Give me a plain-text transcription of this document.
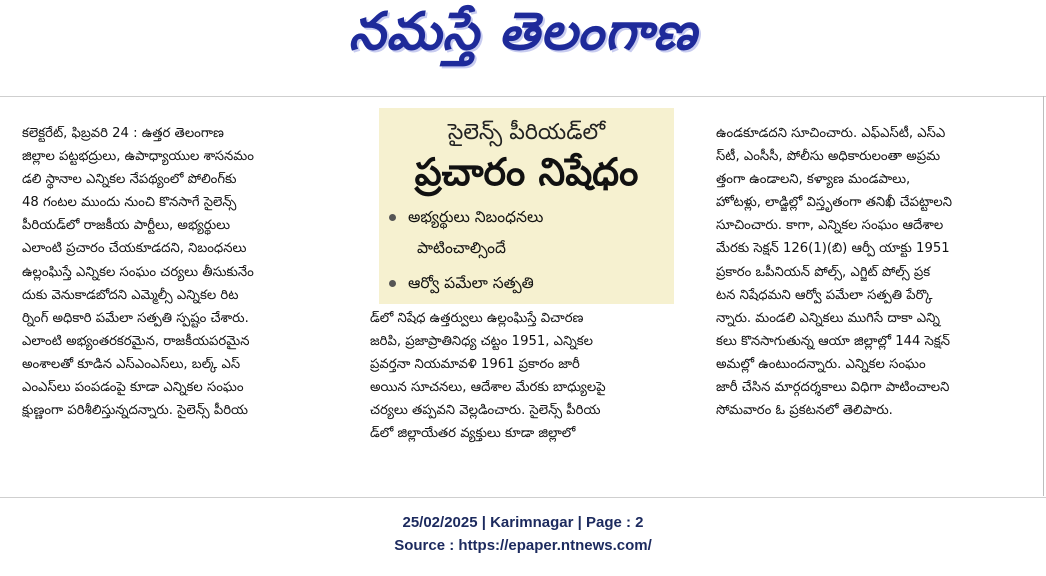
నమస్తే తెలంగాణ
కలెక్టరేట్, ఫిబ్రవరి 24 : ఉత్తర తెలంగాణ
జిల్లాల పట్టభద్రులు, ఉపాధ్యాయుల శాసనమం
డలి స్థానాల ఎన్నికల నేపథ్యంలో పోలింగ్‌కు
48 గంటల ముందు నుంచి కొనసాగే సైలెన్స్
పీరియడ్‌లో రాజకీయ పార్టీలు, అభ్యర్థులు
ఎలాంటి ప్రచారం చేయకూడదని, నిబంధనలు
ఉల్లంఘిస్తే ఎన్నికల సంఘం చర్యలు తీసుకునేం
దుకు వెనుకాడబోదని ఎమ్మెల్సీ ఎన్నికల రిట
ర్నింగ్ అధికారి పమేలా సత్పతి స్పష్టం చేశారు.
ఎలాంటి అభ్యంతరకరమైన, రాజకీయపరమైన
అంశాలతో కూడిన ఎస్ఎంఎస్‌లు, బల్క్ ఎస్
ఎంఎస్‌లు పంపడంపై కూడా ఎన్నికల సంఘం
క్షుణ్ణంగా పరిశీలిస్తున్నదన్నారు. సైలెన్స్ పీరియ
సైలెన్స్ పీరియడ్‌లో
ప్రచారం నిషేధం
అభ్యర్థులు నిబంధనలు
పాటించాల్సిందే
ఆర్వో పమేలా సత్పతి
డ్‌లో నిషేధ ఉత్తర్వులు ఉల్లంఘిస్తే విచారణ
జరిపి, ప్రజాప్రాతినిధ్య చట్టం 1951, ఎన్నికల
ప్రవర్తనా నియమావళి 1961 ప్రకారం జారీ
అయిన సూచనలు, ఆదేశాల మేరకు బాధ్యులపై
చర్యలు తప్పవని వెల్లడించారు. సైలెన్స్ పీరియ
డ్‌లో జిల్లాయేతర వ్యక్తులు కూడా జిల్లాలో
ఉండకూడదని సూచించారు. ఎఫ్ఎస్‌టీ, ఎస్ఎ
స్‌టీ, ఎంసీసీ, పోలీసు అధికారులంతా అప్రమ
త్తంగా ఉండాలని, కళ్యాణ మండపాలు,
హోటళ్లు, లాడ్జిల్లో విస్తృతంగా తనిఖీ చేపట్టాలని
సూచించారు. కాగా, ఎన్నికల సంఘం ఆదేశాల
మేరకు సెక్షన్ 126(1)(బి) ఆర్పీ యాక్టు 1951
ప్రకారం ఒపీనియన్ పోల్స్, ఎగ్జిట్ పోల్స్ ప్రక
టన నిషేధమని ఆర్వో పమేలా సత్పతి పేర్కొ
న్నారు. మండలి ఎన్నికలు ముగిసే దాకా ఎన్ని
కలు కొనసాగుతున్న ఆయా జిల్లాల్లో 144 సెక్షన్
అమల్లో ఉంటుందన్నారు. ఎన్నికల సంఘం
జారీ చేసిన మార్గదర్శకాలు విధిగా పాటించాలని
సోమవారం ఓ ప్రకటనలో తెలిపారు.
25/02/2025 | Karimnagar | Page : 2
Source : https://epaper.ntnews.com/
